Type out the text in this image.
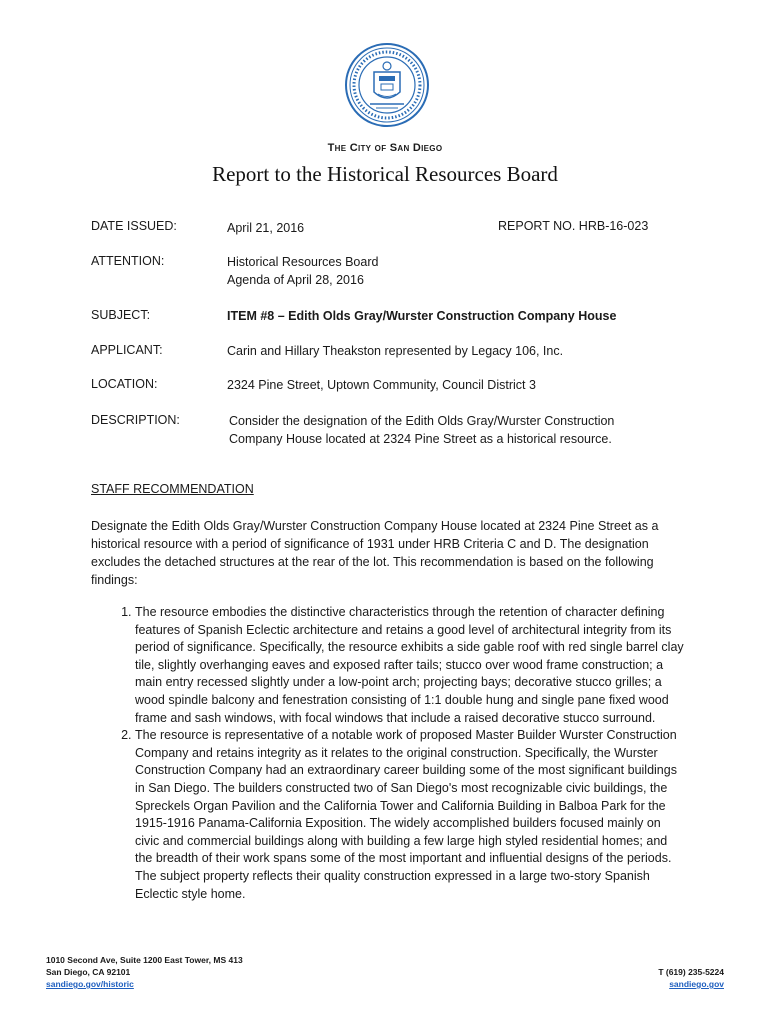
The City of San Diego
Report to the Historical Resources Board
DATE ISSUED:	April 21, 2016	REPORT NO. HRB-16-023
ATTENTION:	Historical Resources Board
Agenda of April 28, 2016
SUBJECT:	ITEM #8 – Edith Olds Gray/Wurster Construction Company House
APPLICANT:	Carin and Hillary Theakston represented by Legacy 106, Inc.
LOCATION:	2324 Pine Street, Uptown Community, Council District 3
DESCRIPTION:	Consider the designation of the Edith Olds Gray/Wurster Construction Company House located at 2324 Pine Street as a historical resource.
STAFF RECOMMENDATION

Designate the Edith Olds Gray/Wurster Construction Company House located at 2324 Pine Street as a historical resource with a period of significance of 1931 under HRB Criteria C and D. The designation excludes the detached structures at the rear of the lot. This recommendation is based on the following findings:

1. The resource embodies the distinctive characteristics through the retention of character defining features of Spanish Eclectic architecture and retains a good level of architectural integrity from its period of significance. Specifically, the resource exhibits a side gable roof with red single barrel clay tile, slightly overhanging eaves and exposed rafter tails; stucco over wood frame construction; a main entry recessed slightly under a low-point arch; projecting bays; decorative stucco grilles; a wood spindle balcony and fenestration consisting of 1:1 double hung and single pane fixed wood frame and sash windows, with focal windows that include a raised decorative stucco surround.
2. The resource is representative of a notable work of proposed Master Builder Wurster Construction Company and retains integrity as it relates to the original construction. Specifically, the Wurster Construction Company had an extraordinary career building some of the most significant buildings in San Diego. The builders constructed two of San Diego's most recognizable civic buildings, the Spreckels Organ Pavilion and the California Tower and California Building in Balboa Park for the 1915-1916 Panama-California Exposition. The widely accomplished builders focused mainly on civic and commercial buildings along with building a few large high styled residential homes; and the breadth of their work spans some of the most important and influential designs of the periods. The subject property reflects their quality construction expressed in a large two-story Spanish Eclectic style home.
1010 Second Ave, Suite 1200 East Tower, MS 413
San Diego, CA 92101
sandiego.gov/historic
T (619) 235-5224
sandiego.gov
